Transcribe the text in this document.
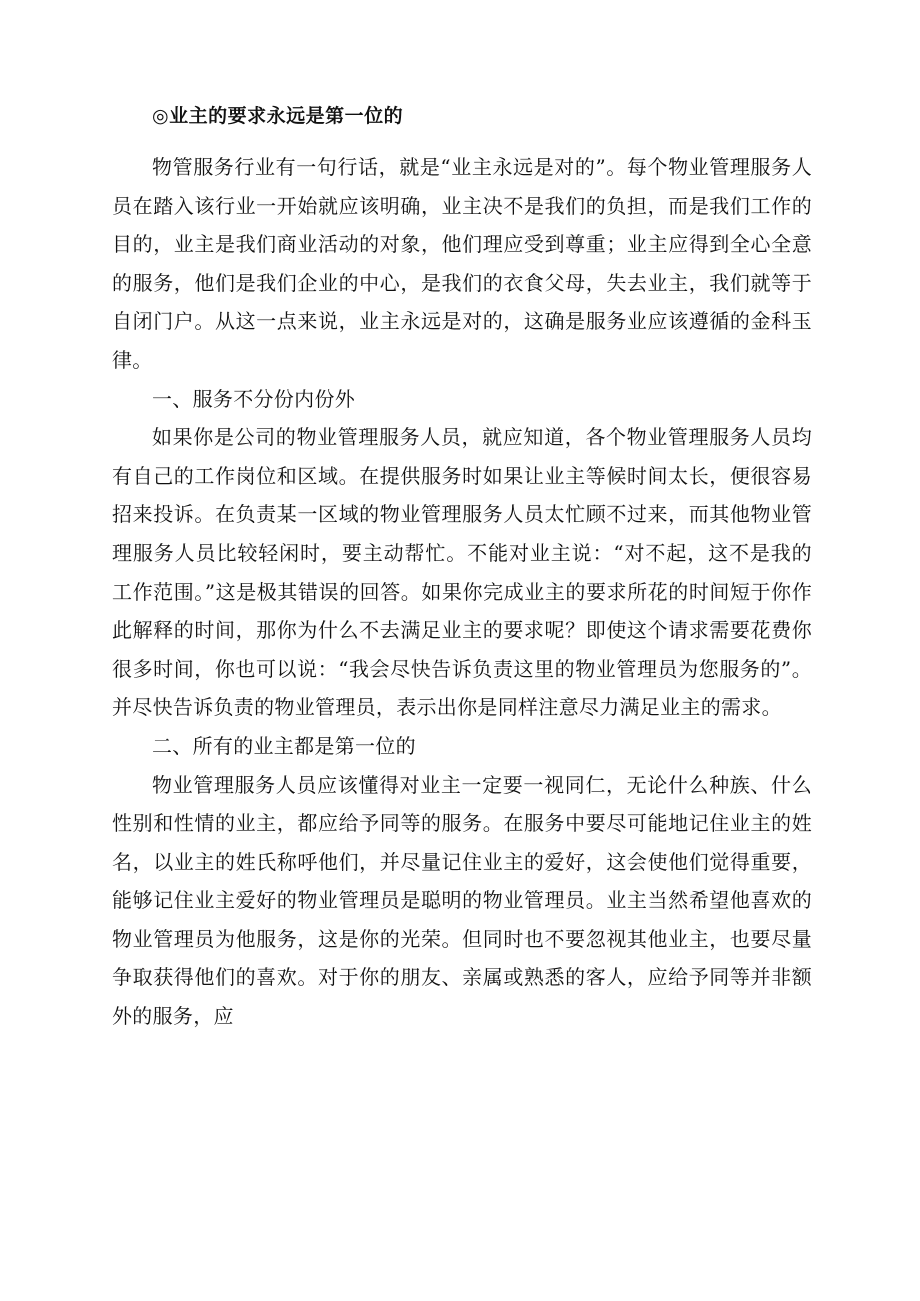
◎业主的要求永远是第一位的

物管服务行业有一句行话，就是“业主永远是对的”。每个物业管理服务人员在踏入该行业一开始就应该明确，业主决不是我们的负担，而是我们工作的目的，业主是我们商业活动的对象，他们理应受到尊重；业主应得到全心全意的服务，他们是我们企业的中心，是我们的衣食父母，失去业主，我们就等于自闭门户。从这一点来说，业主永远是对的，这确是服务业应该遵循的金科玉律。

一、服务不分份内份外

如果你是公司的物业管理服务人员，就应知道，各个物业管理服务人员均有自己的工作岗位和区域。在提供服务时如果让业主等候时间太长，便很容易招来投诉。在负责某一区域的物业管理服务人员太忙顾不过来，而其他物业管理服务人员比较轻闲时，要主动帮忙。不能对业主说：“对不起，这不是我的工作范围。”这是极其错误的回答。如果你完成业主的要求所花的时间短于你作此解释的时间，那你为什么不去满足业主的要求呢？即使这个请求需要花费你很多时间，你也可以说：“我会尽快告诉负责这里的物业管理员为您服务的”。并尽快告诉负责的物业管理员，表示出你是同样注意尽力满足业主的需求。

二、所有的业主都是第一位的

物业管理服务人员应该懂得对业主一定要一视同仁，无论什么种族、什么性别和性情的业主，都应给予同等的服务。在服务中要尽可能地记住业主的姓名，以业主的姓氏称呼他们，并尽量记住业主的爱好，这会使他们觉得重要，能够记住业主爱好的物业管理员是聪明的物业管理员。业主当然希望他喜欢的物业管理员为他服务，这是你的光荣。但同时也不要忽视其他业主，也要尽量争取获得他们的喜欢。对于你的朋友、亲属或熟悉的客人，应给予同等并非额外的服务，应
